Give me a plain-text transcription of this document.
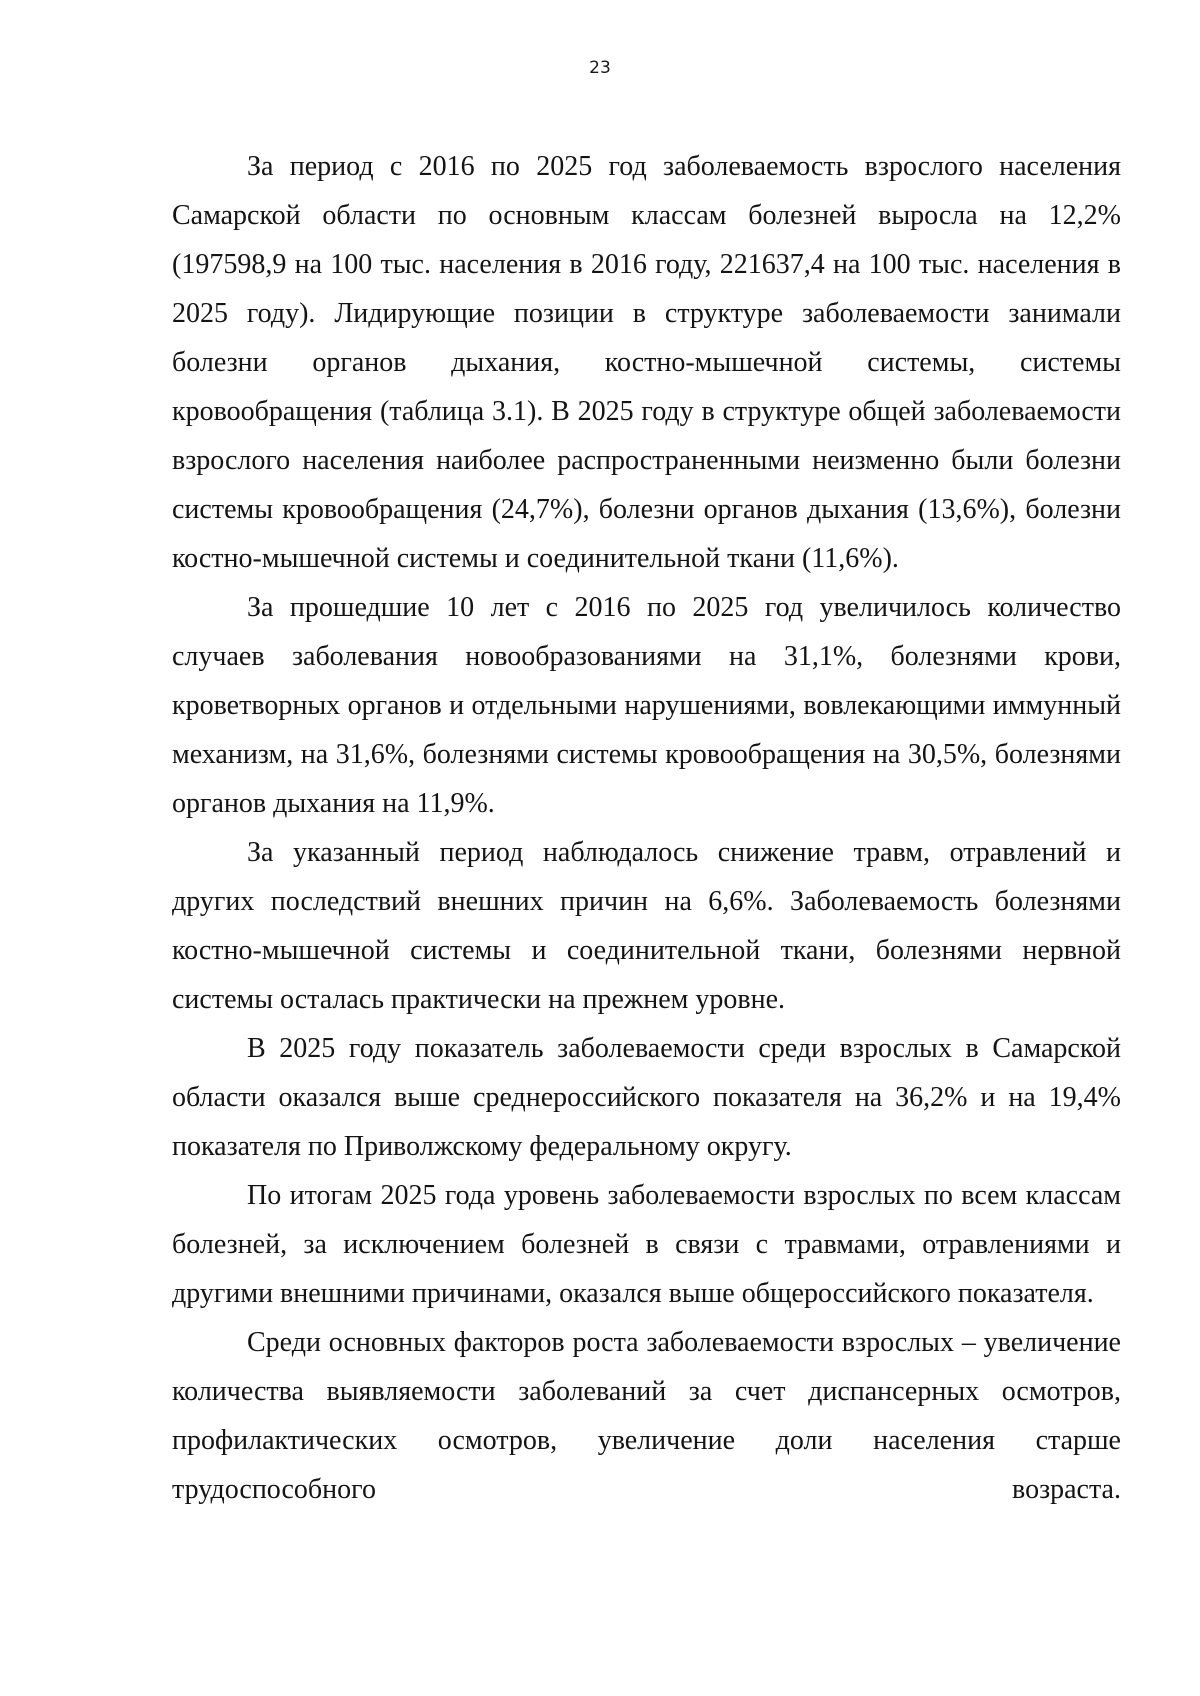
23

За период с 2016 по 2025 год заболеваемость взрослого населения Самарской области по основным классам болезней выросла на 12,2% (197598,9 на 100 тыс. населения в 2016 году, 221637,4 на 100 тыс. населения в 2025 году). Лидирующие позиции в структуре заболеваемости занимали болезни органов дыхания, костно-мышечной системы, системы кровообращения (таблица 3.1). В 2025 году в структуре общей заболеваемости взрослого населения наиболее распространенными неизменно были болезни системы кровообращения (24,7%), болезни органов дыхания (13,6%), болезни костно-мышечной системы и соединительной ткани (11,6%).

За прошедшие 10 лет с 2016 по 2025 год увеличилось количество случаев заболевания новообразованиями на 31,1%, болезнями крови, кроветворных органов и отдельными нарушениями, вовлекающими иммунный механизм, на 31,6%, болезнями системы кровообращения на 30,5%, болезнями органов дыхания на 11,9%.

За указанный период наблюдалось снижение травм, отравлений и других последствий внешних причин на 6,6%. Заболеваемость болезнями костно-мышечной системы и соединительной ткани, болезнями нервной системы осталась практически на прежнем уровне.

В 2025 году показатель заболеваемости среди взрослых в Самарской области оказался выше среднероссийского показателя на 36,2% и на 19,4% показателя по Приволжскому федеральному округу.

По итогам 2025 года уровень заболеваемости взрослых по всем классам болезней, за исключением болезней в связи с травмами, отравлениями и другими внешними причинами, оказался выше общероссийского показателя.

Среди основных факторов роста заболеваемости взрослых – увеличение количества выявляемости заболеваний за счет диспансерных осмотров, профилактических осмотров, увеличение доли населения старше трудоспособного возраста.
